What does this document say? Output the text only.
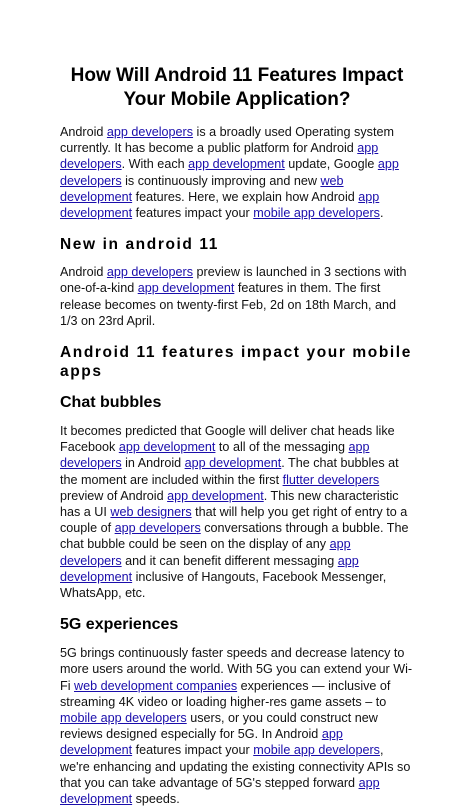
How Will Android 11 Features Impact
Your Mobile Application?

Android app developers is a broadly used Operating system currently. It has become a public platform for Android app developers. With each app development update, Google app developers is continuously improving and new web development features. Here, we explain how Android app development features impact your mobile app developers.

New in android 11

Android app developers preview is launched in 3 sections with one-of-a-kind app development features in them. The first release becomes on twenty-first Feb, 2d on 18th March, and 1/3 on 23rd April.

Android 11 features impact your mobile apps
Chat bubbles

It becomes predicted that Google will deliver chat heads like Facebook app development to all of the messaging app developers in Android app development. The chat bubbles at the moment are included within the first flutter developers preview of Android app development. This new characteristic has a UI web designers that will help you get right of entry to a couple of app developers conversations through a bubble. The chat bubble could be seen on the display of any app developers and it can benefit different messaging app development inclusive of Hangouts, Facebook Messenger, WhatsApp, etc.

5G experiences

5G brings continuously faster speeds and decrease latency to more users around the world. With 5G you can extend your Wi-Fi web development companies experiences — inclusive of streaming 4K video or loading higher-res game assets – to mobile app developers users, or you could construct new reviews designed especially for 5G. In Android app development features impact your mobile app developers, we're enhancing and updating the existing connectivity APIs so that you can take advantage of 5G's stepped forward app development speeds.
